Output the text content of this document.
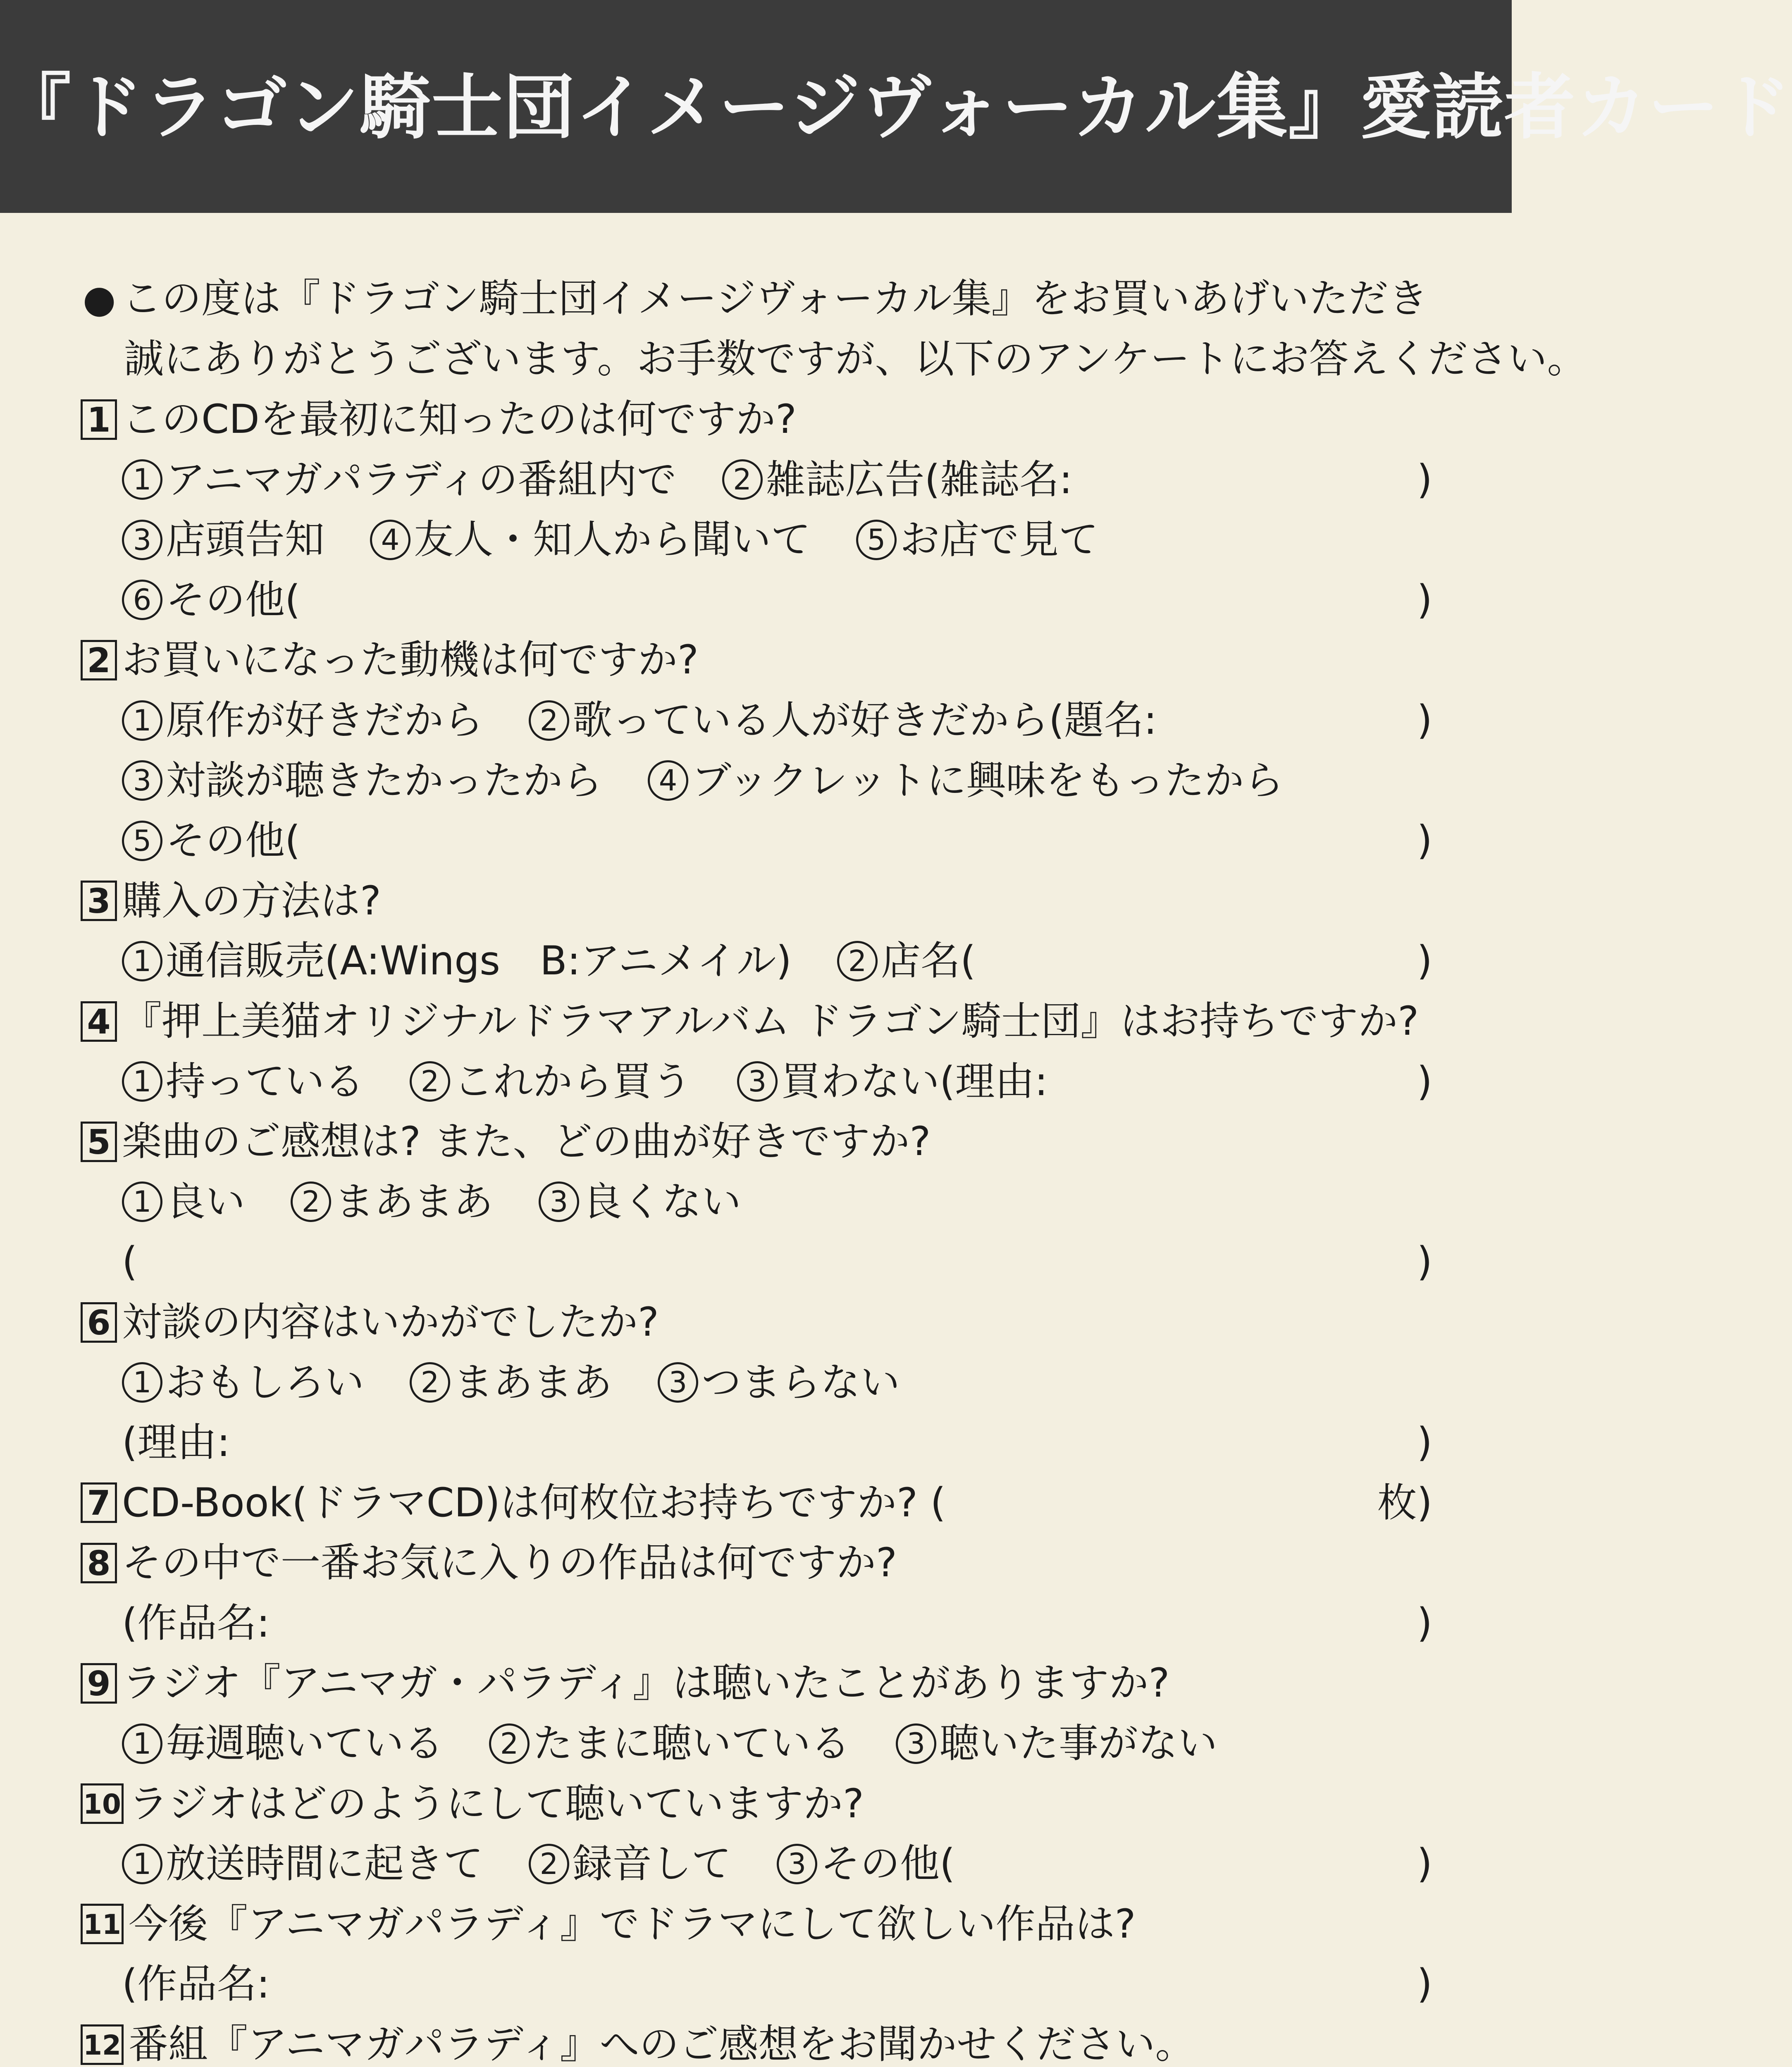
『ドラゴン騎士団イメージヴォーカル集』愛読者カード
● この度は『ドラゴン騎士団イメージヴォーカル集』をお買いあげいただき
誠にありがとうございます。お手数ですが、以下のアンケートにお答えください。
1 このCDを最初に知ったのは何ですか?
1 アニマガパラディの番組内で 2 雑誌広告(雑誌名:	)
3 店頭告知 4 友人・知人から聞いて 5 お店で見て
6 その他(	)
2 お買いになった動機は何ですか?
1 原作が好きだから 2 歌っている人が好きだから(題名:	)
3 対談が聴きたかったから 4 ブックレットに興味をもったから
5 その他(	)
3 購入の方法は?
1 通信販売(A:Wings　B:アニメイル) 2 店名(	)
4 『押上美猫オリジナルドラマアルバム ドラゴン騎士団』はお持ちですか?
1 持っている 2 これから買う 3 買わない(理由:	)
5 楽曲のご感想は? また、どの曲が好きですか?
1 良い 2 まあまあ 3 良くない
(	)
6 対談の内容はいかがでしたか?
1 おもしろい 2 まあまあ 3 つまらない
(理由:	)
7 CD-Book(ドラマCD)は何枚位お持ちですか? (	枚)
8 その中で一番お気に入りの作品は何ですか?
(作品名:	)
9 ラジオ『アニマガ・パラディ』は聴いたことがありますか?
1 毎週聴いている 2 たまに聴いている 3 聴いた事がない
10 ラジオはどのようにして聴いていますか?
1 放送時間に起きて 2 録音して 3 その他(	)
11 今後『アニマガパラディ』でドラマにして欲しい作品は?
(作品名:	)
12 番組『アニマガパラディ』へのご感想をお聞かせください。
